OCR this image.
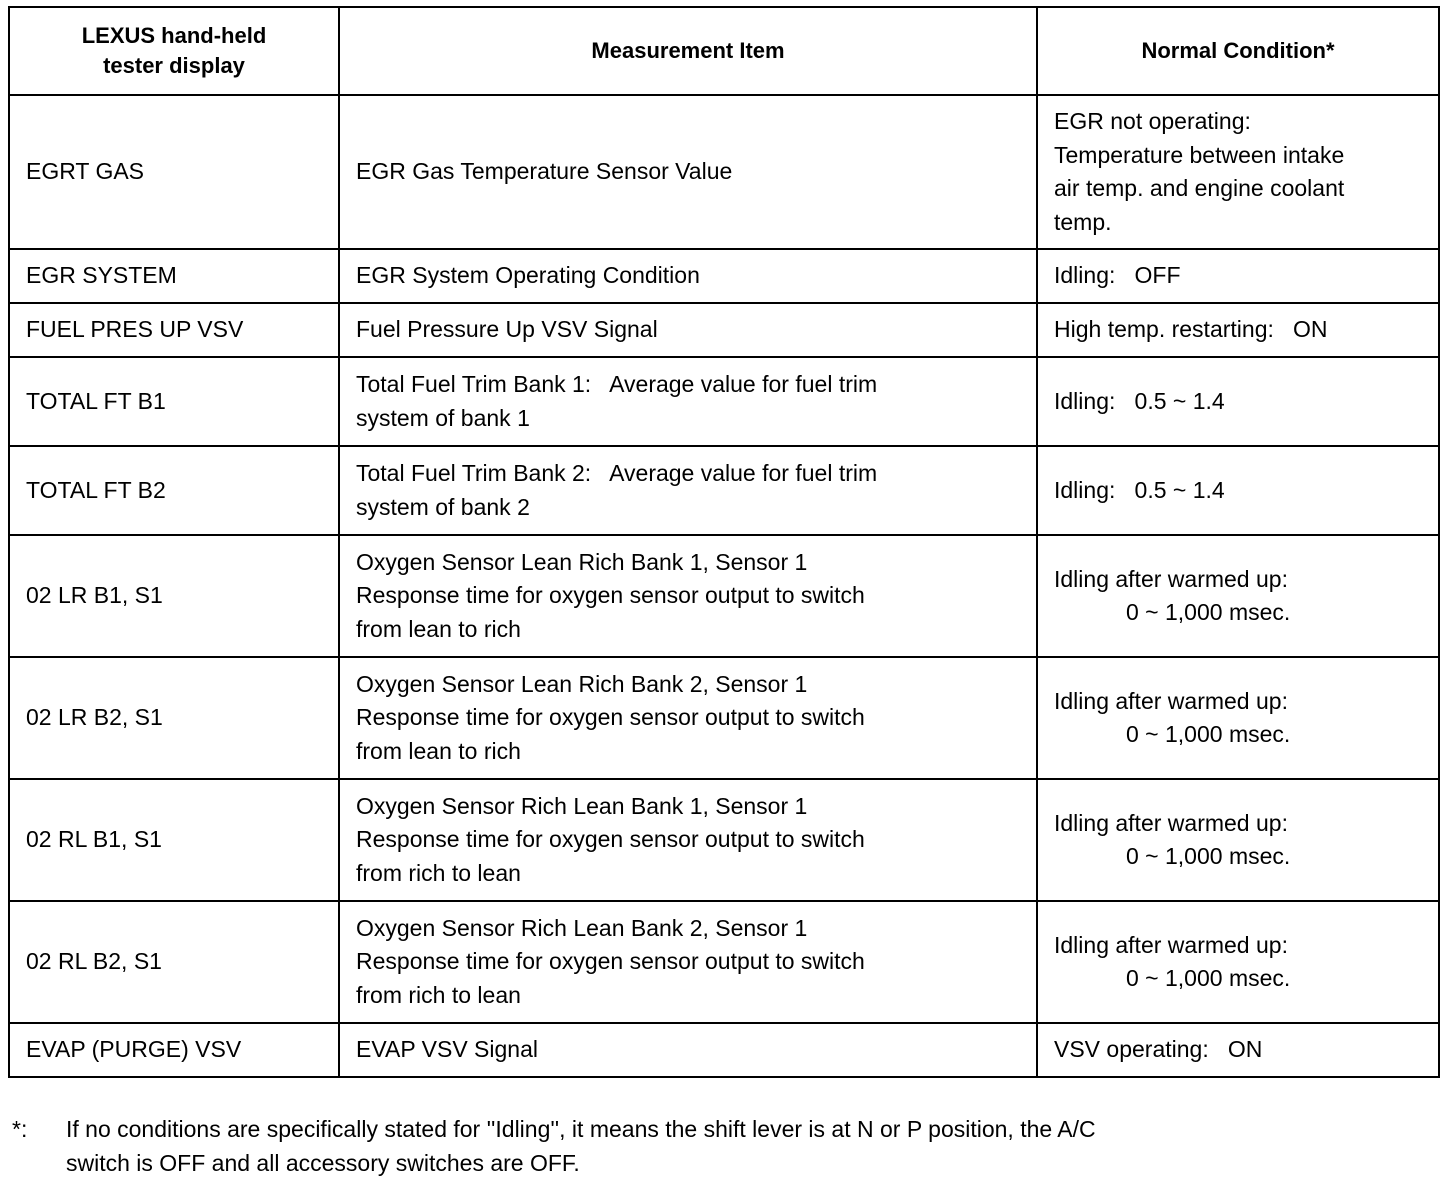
LEXUS hand-held
tester display	Measurement Item	Normal Condition*
EGRT GAS	EGR Gas Temperature Sensor Value	EGR not operating:
Temperature between intake
air temp. and engine coolant
temp.

EGR SYSTEM	EGR System Operating Condition	Idling:   OFF

FUEL PRES UP VSV	Fuel Pressure Up VSV Signal	High temp. restarting:   ON

TOTAL FT B1	Total Fuel Trim Bank 1:   Average value for fuel trim
system of bank 1	Idling:   0.5 ~ 1.4

TOTAL FT B2	Total Fuel Trim Bank 2:   Average value for fuel trim
system of bank 2	Idling:   0.5 ~ 1.4

02 LR B1, S1	Oxygen Sensor Lean Rich Bank 1, Sensor 1
Response time for oxygen sensor output to switch
from lean to rich	Idling after warmed up:
0 ~ 1,000 msec.

02 LR B2, S1	Oxygen Sensor Lean Rich Bank 2, Sensor 1
Response time for oxygen sensor output to switch
from lean to rich	Idling after warmed up:
0 ~ 1,000 msec.

02 RL B1, S1	Oxygen Sensor Rich Lean Bank 1, Sensor 1
Response time for oxygen sensor output to switch
from rich to lean	Idling after warmed up:
0 ~ 1,000 msec.

02 RL B2, S1	Oxygen Sensor Rich Lean Bank 2, Sensor 1
Response time for oxygen sensor output to switch
from rich to lean	Idling after warmed up:
0 ~ 1,000 msec.

EVAP (PURGE) VSV	EVAP VSV Signal	VSV operating:   ON
*: If no conditions are specifically stated for ''Idling'', it means the shift lever is at N or P position, the A/C
switch is OFF and all accessory switches are OFF.
